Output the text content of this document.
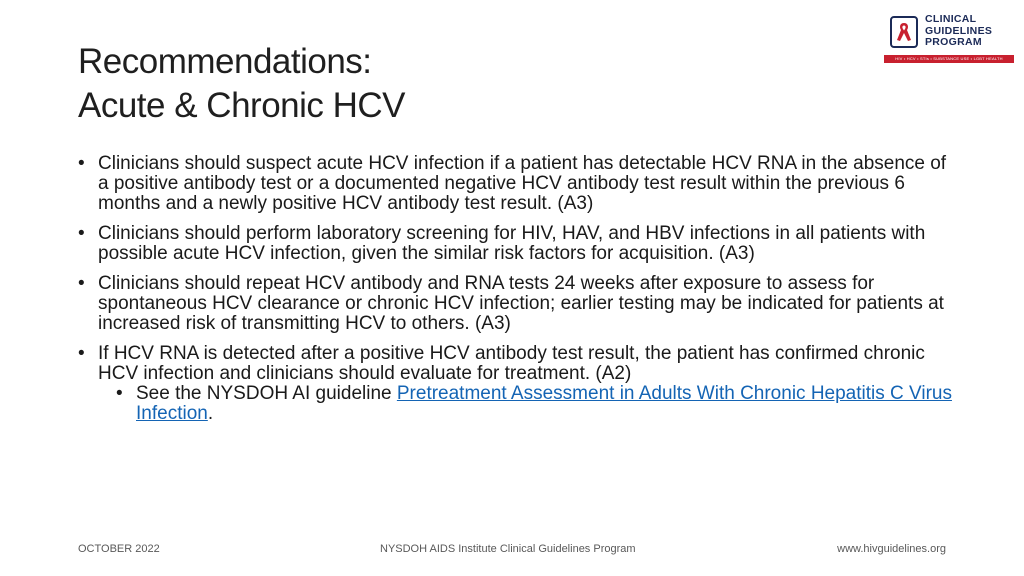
Recommendations:
Acute & Chronic HCV
CLINICAL
GUIDELINES
PROGRAM
HIV • HCV • STIs • SUBSTANCE USE • LGBT HEALTH
• Clinicians should suspect acute HCV infection if a patient has detectable HCV RNA in the absence of a positive antibody test or a documented negative HCV antibody test result within the previous 6 months and a newly positive HCV antibody test result. (A3)
• Clinicians should perform laboratory screening for HIV, HAV, and HBV infections in all patients with possible acute HCV infection, given the similar risk factors for acquisition. (A3)
• Clinicians should repeat HCV antibody and RNA tests 24 weeks after exposure to assess for spontaneous HCV clearance or chronic HCV infection; earlier testing may be indicated for patients at increased risk of transmitting HCV to others. (A3)
• If HCV RNA is detected after a positive HCV antibody test result, the patient has confirmed chronic HCV infection and clinicians should evaluate for treatment. (A2)
• See the NYSDOH AI guideline Pretreatment Assessment in Adults With Chronic Hepatitis C Virus Infection.
OCTOBER 2022	NYSDOH AIDS Institute Clinical Guidelines Program	www.hivguidelines.org
